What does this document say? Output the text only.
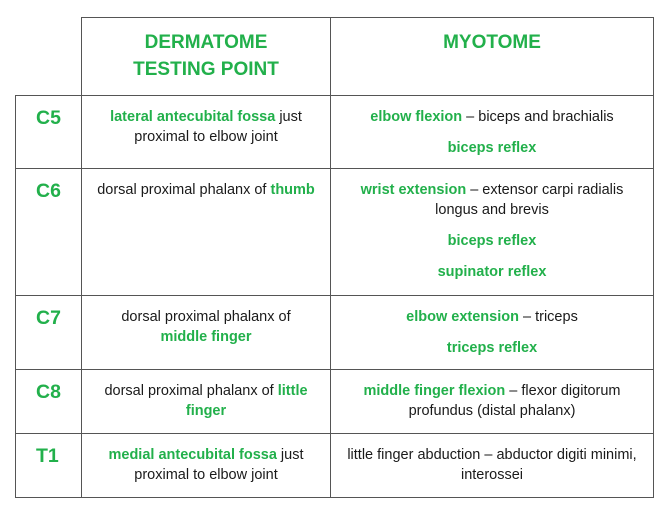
	DERMATOME TESTING POINT	MYOTOME
C5	lateral antecubital fossa just proximal to elbow joint	elbow flexion – biceps and brachialis
biceps reflex

C6	dorsal proximal phalanx of thumb	wrist extension – extensor carpi radialis longus and brevis
biceps reflex
supinator reflex

C7	dorsal proximal phalanx of middle finger	elbow extension – triceps
triceps reflex

C8	dorsal proximal phalanx of little finger	middle finger flexion – flexor digitorum profundus (distal phalanx)

T1	medial antecubital fossa just proximal to elbow joint	little finger abduction – abductor digiti minimi, interossei
